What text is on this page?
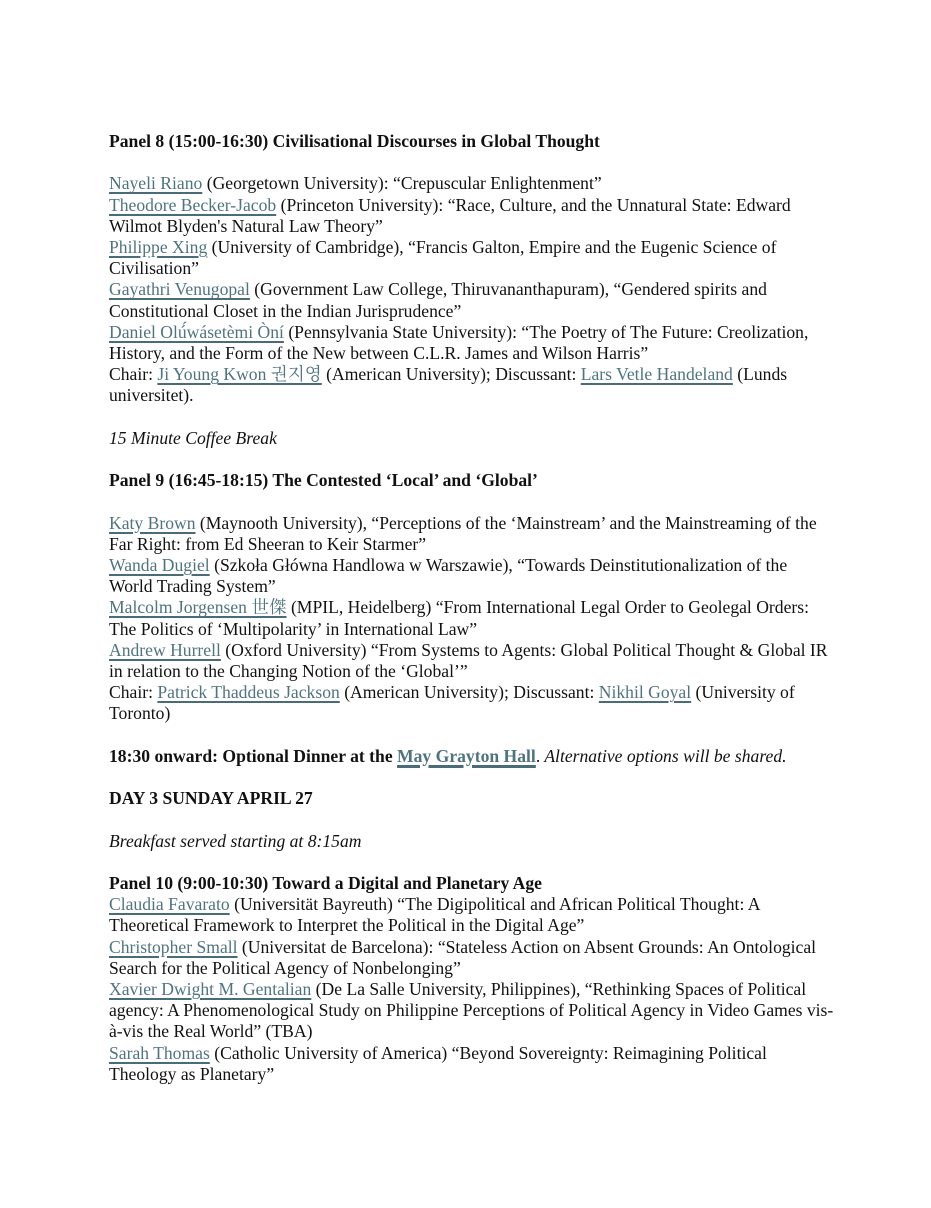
Panel 8 (15:00-16:30) Civilisational Discourses in Global Thought

Nayeli Riano (Georgetown University): “Crepuscular Enlightenment”

Theodore Becker-Jacob (Princeton University): “Race, Culture, and the Unnatural State: Edward Wilmot Blyden's Natural Law Theory”

Philippe Xing (University of Cambridge), “Francis Galton, Empire and the Eugenic Science of Civilisation”

Gayathri Venugopal (Government Law College, Thiruvananthapuram), “Gendered spirits and Constitutional Closet in the Indian Jurisprudence”

Daniel Olú́wásetèmi Òní (Pennsylvania State University): “The Poetry of The Future: Creolization, History, and the Form of the New between C.L.R. James and Wilson Harris”

Chair: Ji Young Kwon 권지영 (American University); Discussant: Lars Vetle Handeland (Lunds universitet).

15 Minute Coffee Break

Panel 9 (16:45-18:15) The Contested ‘Local’ and ‘Global’

Katy Brown (Maynooth University), “Perceptions of the ‘Mainstream’ and the Mainstreaming of the Far Right: from Ed Sheeran to Keir Starmer”

Wanda Dugiel (Szkoła Główna Handlowa w Warszawie), “Towards Deinstitutionalization of the World Trading System”

Malcolm Jorgensen 世傑 (MPIL, Heidelberg) “From International Legal Order to Geolegal Orders: The Politics of ‘Multipolarity’ in International Law”

Andrew Hurrell (Oxford University) “From Systems to Agents: Global Political Thought & Global IR in relation to the Changing Notion of the ‘Global’”

Chair: Patrick Thaddeus Jackson (American University); Discussant: Nikhil Goyal (University of Toronto)

18:30 onward: Optional Dinner at the May Grayton Hall. Alternative options will be shared.

DAY 3 SUNDAY APRIL 27

Breakfast served starting at 8:15am

Panel 10 (9:00-10:30) Toward a Digital and Planetary Age

Claudia Favarato (Universität Bayreuth) “The Digipolitical and African Political Thought: A Theoretical Framework to Interpret the Political in the Digital Age”

Christopher Small (Universitat de Barcelona): “Stateless Action on Absent Grounds: An Ontological Search for the Political Agency of Nonbelonging”

Xavier Dwight M. Gentalian (De La Salle University, Philippines), “Rethinking Spaces of Political agency: A Phenomenological Study on Philippine Perceptions of Political Agency in Video Games vis-à-vis the Real World” (TBA)

Sarah Thomas (Catholic University of America) “Beyond Sovereignty: Reimagining Political Theology as Planetary”
